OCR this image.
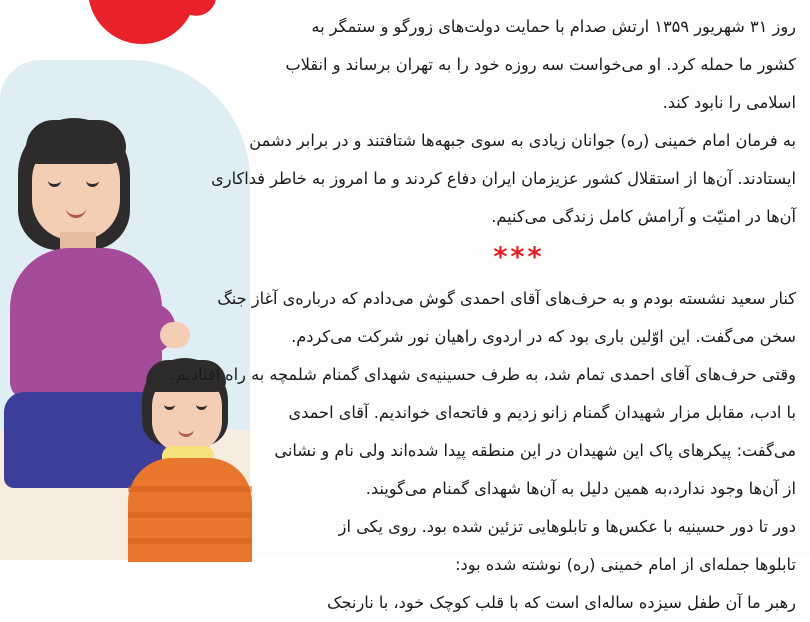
روز ۳۱ شهریور ۱۳۵۹ ارتش صدام با حمایت دولت‌های زورگو و ستمگر به

کشور ما حمله کرد. او می‌خواست سه روزه خود را به تهران برساند و انقلاب

اسلامی را نابود کند.

به فرمان امام خمینی (ره) جوانان زیادی به سوی جبهه‌ها شتافتند و در برابر دشمن

ایستادند. آن‌ها از استقلال کشور عزیزمان ایران دفاع کردند و ما امروز به خاطر فداکاری

آن‌ها در امنیّت و آرامش کامل زندگی می‌کنیم.

***

کنار سعید نشسته بودم و به حرف‌های آقای احمدی گوش می‌دادم که درباره‌ی آغاز جنگ

سخن می‌گفت. این اوّلین باری بود که در اردوی راهیان نور شرکت می‌کردم.

وقتی حرف‌های آقای احمدی تمام شد، به طرف حسینیه‌ی شهدای گمنام شلمچه به راه افتادیم.

با ادب، مقابل مزار شهیدان گمنام زانو زدیم و فاتحه‌ای خواندیم. آقای احمدی

می‌گفت: پیکرهای پاک این شهیدان در این منطقه پیدا شده‌اند ولی نام و نشانی

از آن‌ها وجود ندارد،به همین دلیل به آن‌ها شهدای گمنام می‌گویند.

دور تا دور حسینیه با عکس‌ها و تابلوهایی تزئین شده بود. روی یکی از

تابلوها جمله‌ای از امام خمینی (ره) نوشته شده بود:

رهبر ما آن طفل سیزده ساله‌ای است که با قلب کوچک خود، با نارنجک
